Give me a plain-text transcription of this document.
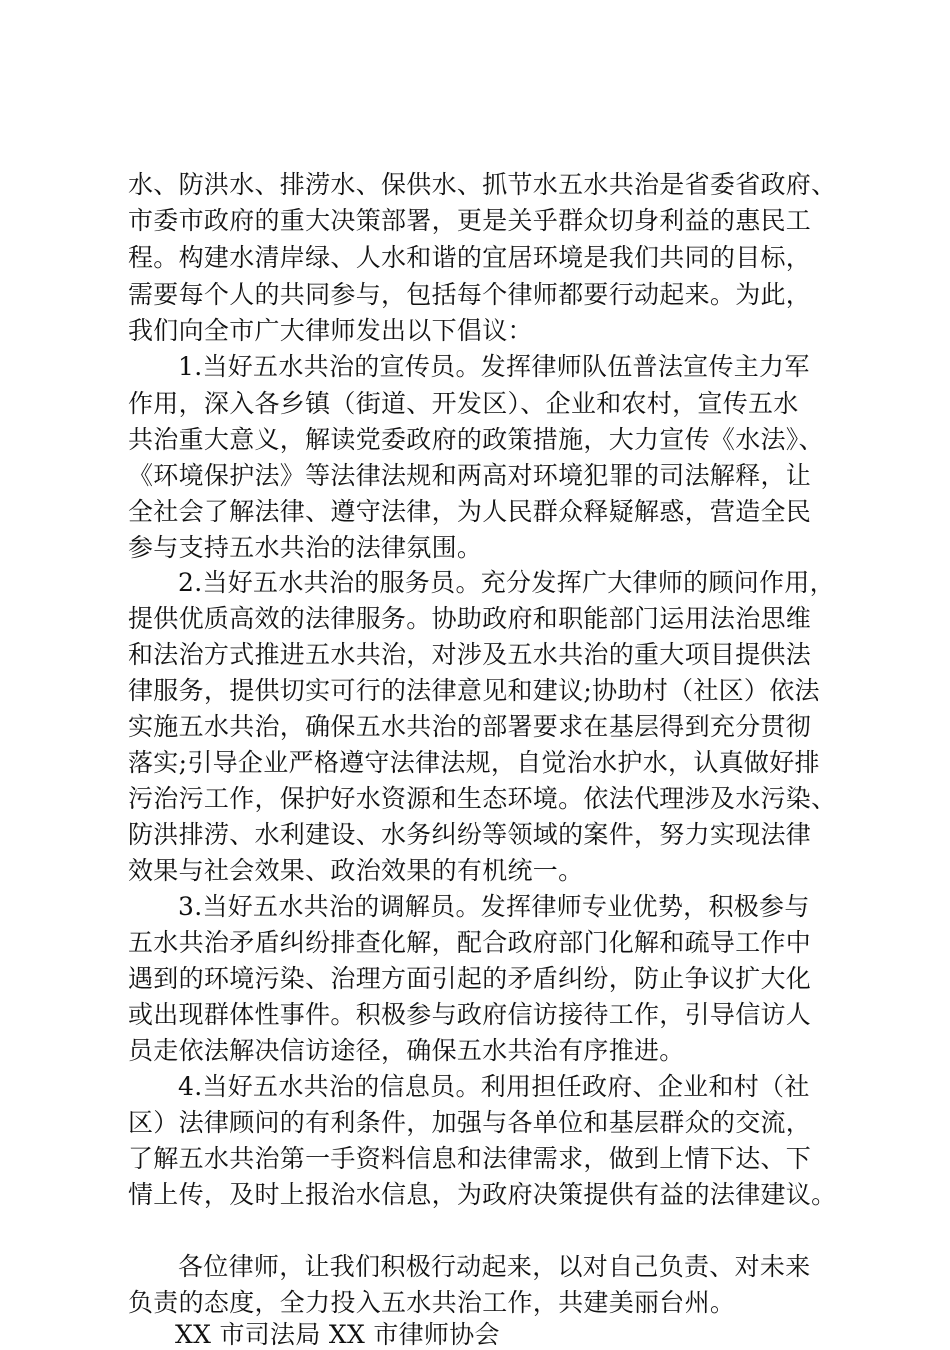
水、防洪水、排涝水、保供水、抓节水五水共治是省委省政府、
市委市政府的重大决策部署，更是关乎群众切身利益的惠民工
程。构建水清岸绿、人水和谐的宜居环境是我们共同的目标，
需要每个人的共同参与，包括每个律师都要行动起来。为此，
我们向全市广大律师发出以下倡议：
1.当好五水共治的宣传员。发挥律师队伍普法宣传主力军
作用，深入各乡镇（街道、开发区）、企业和农村，宣传五水
共治重大意义，解读党委政府的政策措施，大力宣传《水法》、
《环境保护法》等法律法规和两高对环境犯罪的司法解释，让
全社会了解法律、遵守法律，为人民群众释疑解惑，营造全民
参与支持五水共治的法律氛围。
2.当好五水共治的服务员。充分发挥广大律师的顾问作用，
提供优质高效的法律服务。协助政府和职能部门运用法治思维
和法治方式推进五水共治，对涉及五水共治的重大项目提供法
律服务，提供切实可行的法律意见和建议;协助村（社区）依法
实施五水共治，确保五水共治的部署要求在基层得到充分贯彻
落实;引导企业严格遵守法律法规，自觉治水护水，认真做好排
污治污工作，保护好水资源和生态环境。依法代理涉及水污染、
防洪排涝、水利建设、水务纠纷等领域的案件，努力实现法律
效果与社会效果、政治效果的有机统一。
3.当好五水共治的调解员。发挥律师专业优势，积极参与
五水共治矛盾纠纷排查化解，配合政府部门化解和疏导工作中
遇到的环境污染、治理方面引起的矛盾纠纷，防止争议扩大化
或出现群体性事件。积极参与政府信访接待工作，引导信访人
员走依法解决信访途径，确保五水共治有序推进。
4.当好五水共治的信息员。利用担任政府、企业和村（社
区）法律顾问的有利条件，加强与各单位和基层群众的交流，
了解五水共治第一手资料信息和法律需求，做到上情下达、下
情上传，及时上报治水信息，为政府决策提供有益的法律建议。
各位律师，让我们积极行动起来，以对自己负责、对未来
负责的态度，全力投入五水共治工作，共建美丽台州。
XX 市司法局 XX 市律师协会
